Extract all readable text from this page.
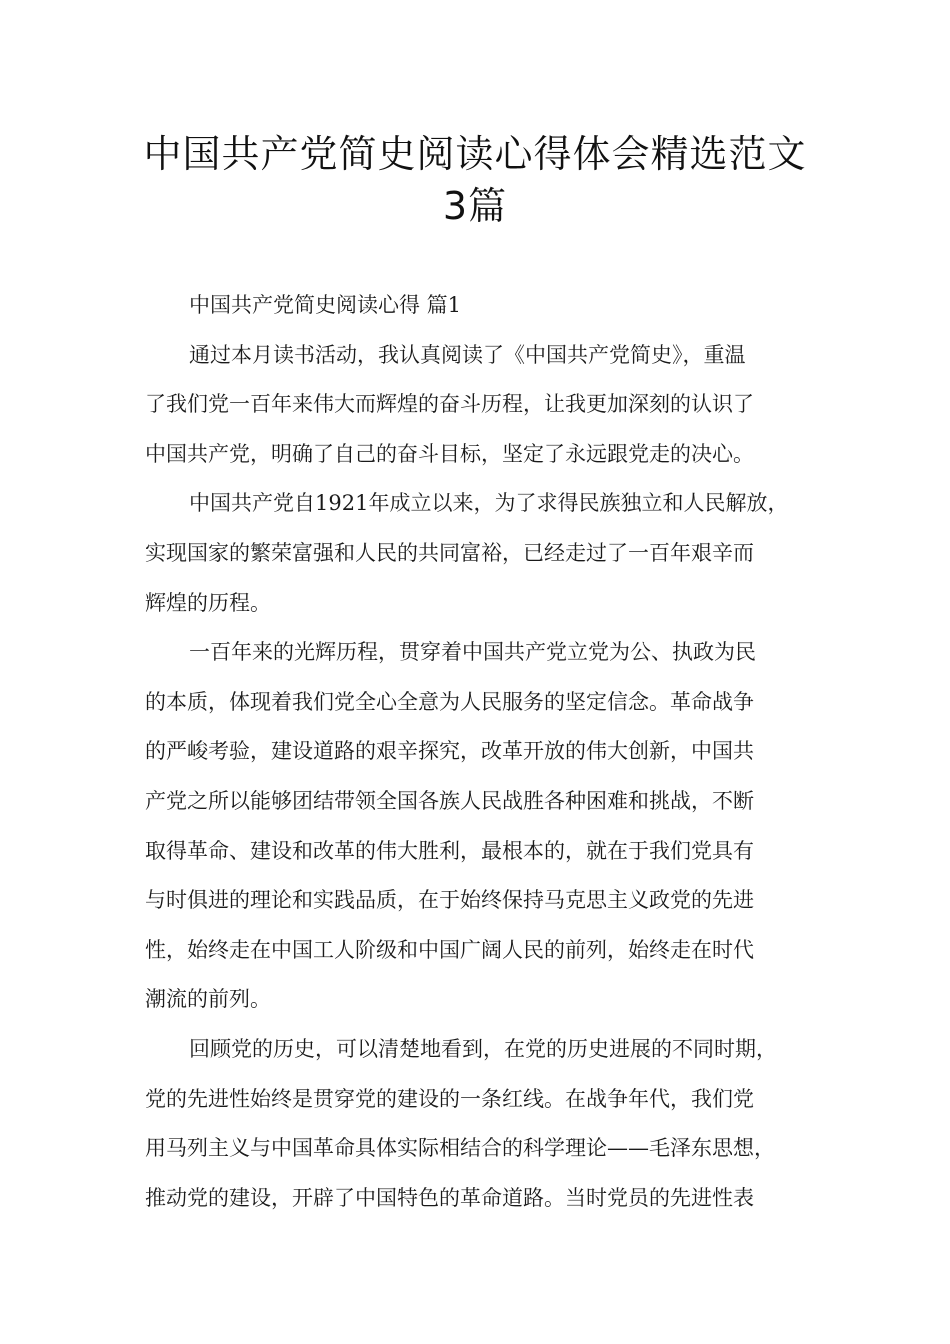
中国共产党简史阅读心得体会精选范文
3篇
中国共产党简史阅读心得 篇1
通过本月读书活动，我认真阅读了《中国共产党简史》，重温
了我们党一百年来伟大而辉煌的奋斗历程，让我更加深刻的认识了
中国共产党，明确了自己的奋斗目标，坚定了永远跟党走的决心。
中国共产党自1921年成立以来，为了求得民族独立和人民解放，
实现国家的繁荣富强和人民的共同富裕，已经走过了一百年艰辛而
辉煌的历程。
一百年来的光辉历程，贯穿着中国共产党立党为公、执政为民
的本质，体现着我们党全心全意为人民服务的坚定信念。革命战争
的严峻考验，建设道路的艰辛探究，改革开放的伟大创新，中国共
产党之所以能够团结带领全国各族人民战胜各种困难和挑战，不断
取得革命、建设和改革的伟大胜利，最根本的，就在于我们党具有
与时俱进的理论和实践品质，在于始终保持马克思主义政党的先进
性，始终走在中国工人阶级和中国广阔人民的前列，始终走在时代
潮流的前列。
回顾党的历史，可以清楚地看到，在党的历史进展的不同时期，
党的先进性始终是贯穿党的建设的一条红线。在战争年代，我们党
用马列主义与中国革命具体实际相结合的科学理论——毛泽东思想，
推动党的建设，开辟了中国特色的革命道路。当时党员的先进性表
